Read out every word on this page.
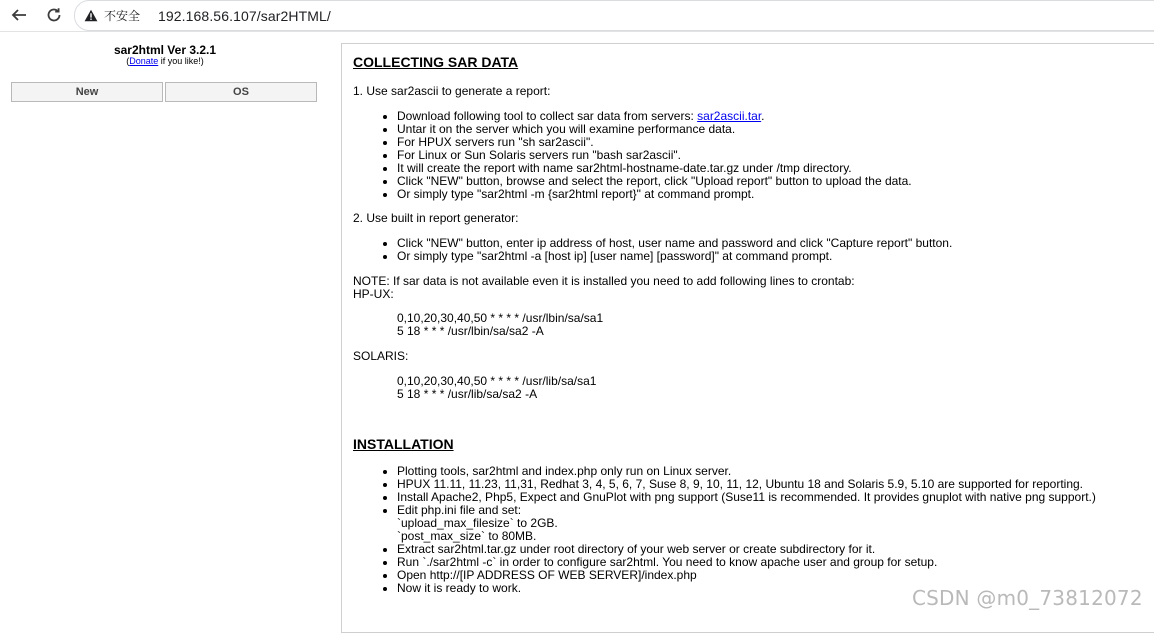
不安全 192.168.56.107/sar2HTML/
sar2html Ver 3.2.1
(Donate if you like!)
New	OS
COLLECTING SAR DATA
1. Use sar2ascii to generate a report:
• Download following tool to collect sar data from servers: sar2ascii.tar.
• Untar it on the server which you will examine performance data.
• For HPUX servers run "sh sar2ascii".
• For Linux or Sun Solaris servers run "bash sar2ascii".
• It will create the report with name sar2html-hostname-date.tar.gz under /tmp directory.
• Click "NEW" button, browse and select the report, click "Upload report" button to upload the data.
• Or simply type "sar2html -m {sar2html report}" at command prompt.
2. Use built in report generator:
• Click "NEW" button, enter ip address of host, user name and password and click "Capture report" button.
• Or simply type "sar2html -a [host ip] [user name] [password]" at command prompt.
NOTE: If sar data is not available even it is installed you need to add following lines to crontab:
HP-UX:
0,10,20,30,40,50 * * * * /usr/lbin/sa/sa1
5 18 * * * /usr/lbin/sa/sa2 -A
SOLARIS:
0,10,20,30,40,50 * * * * /usr/lib/sa/sa1
5 18 * * * /usr/lib/sa/sa2 -A
INSTALLATION
• Plotting tools, sar2html and index.php only run on Linux server.
• HPUX 11.11, 11.23, 11,31, Redhat 3, 4, 5, 6, 7, Suse 8, 9, 10, 11, 12, Ubuntu 18 and Solaris 5.9, 5.10 are supported for reporting.
• Install Apache2, Php5, Expect and GnuPlot with png support (Suse11 is recommended. It provides gnuplot with native png support.)
• Edit php.ini file and set:
`upload_max_filesize` to 2GB.
`post_max_size` to 80MB.
• Extract sar2html.tar.gz under root directory of your web server or create subdirectory for it.
• Run `./sar2html -c` in order to configure sar2html. You need to know apache user and group for setup.
• Open http://[IP ADDRESS OF WEB SERVER]/index.php
• Now it is ready to work.	CSDN @m0_73812072
